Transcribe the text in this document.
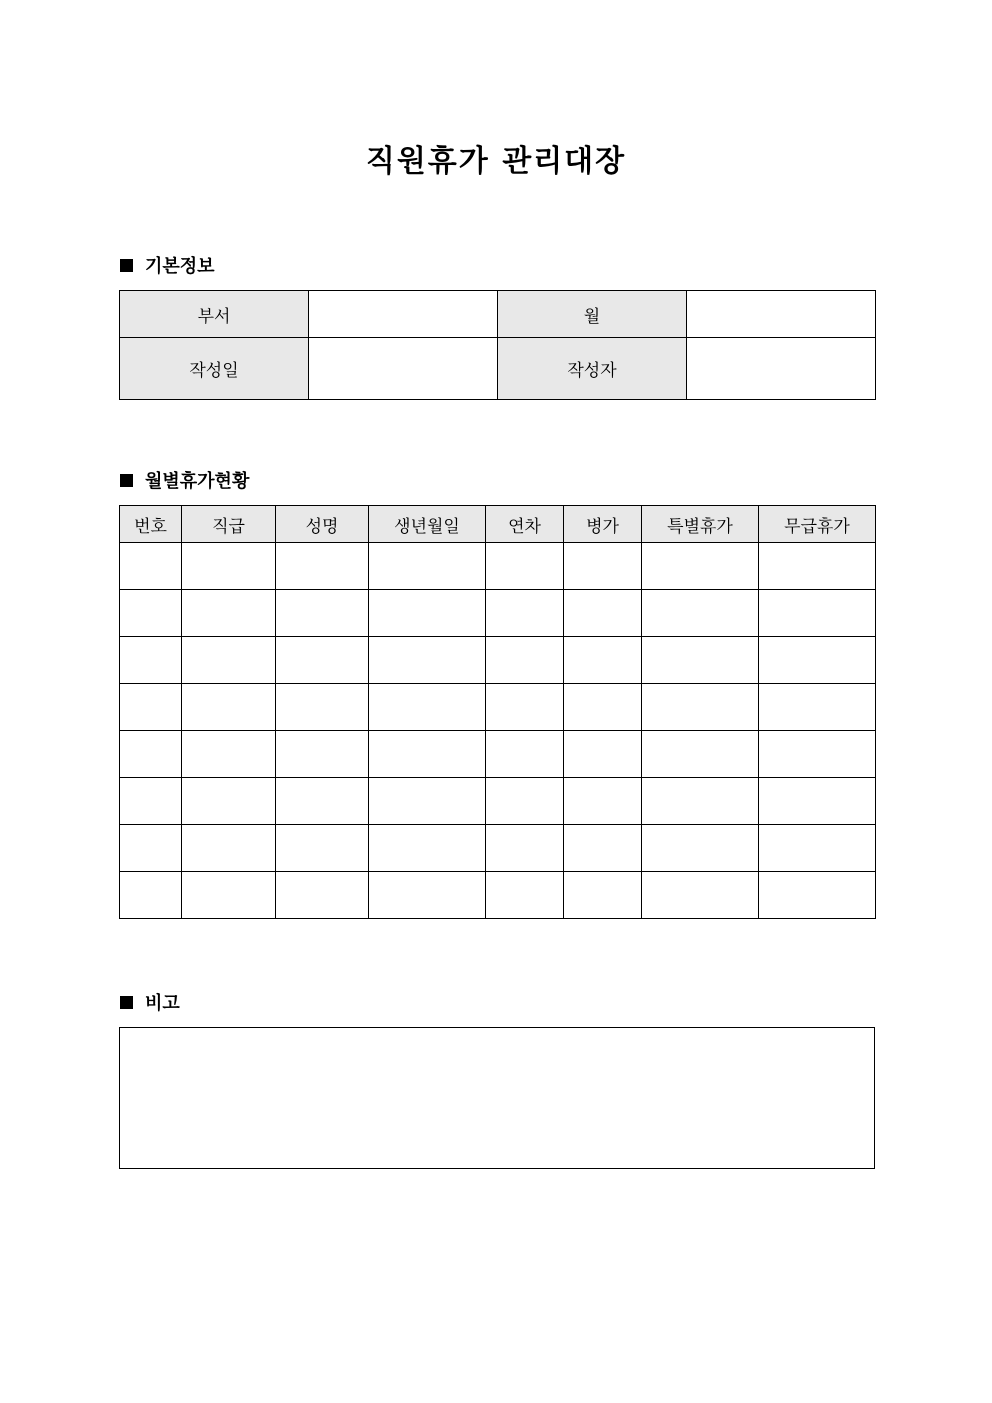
직원휴가 관리대장
기본정보
부서		월	
작성일		작성자	
월별휴가현황
번호	직급	성명	생년월일	연차	병가	특별휴가	무급휴가

비고
